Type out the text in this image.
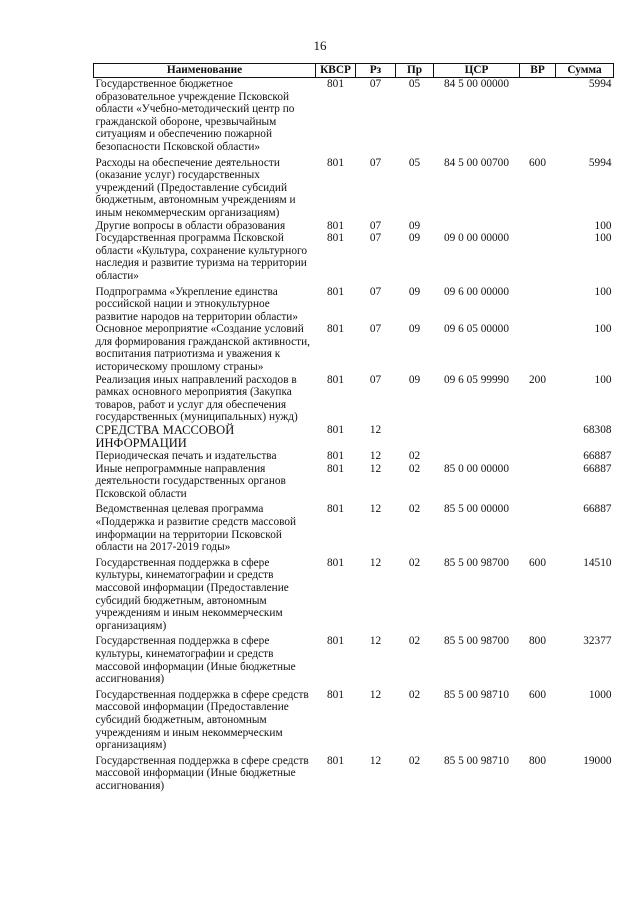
16
Наименование	КВСР	Рз	Пр	ЦСР	ВР	Сумма
Государственное бюджетное образовательное учреждение Псковской области «Учебно-методический центр по гражданской обороне, чрезвычайным ситуациям и обеспечению пожарной безопасности Псковской области»	801	07	05	84 5 00 00000		5994
Расходы на обеспечение деятельности (оказание услуг) государственных учреждений (Предоставление субсидий бюджетным, автономным учреждениям и иным некоммерческим организациям)	801	07	05	84 5 00 00700	600	5994
Другие вопросы в области образования	801	07	09			100
Государственная программа Псковской области «Культура, сохранение культурного наследия и развитие туризма на территории области»	801	07	09	09 0 00 00000		100
Подпрограмма «Укрепление единства российской нации и этнокультурное развитие народов на территории области»	801	07	09	09 6 00 00000		100
Основное мероприятие «Создание условий для формирования гражданской активности, воспитания патриотизма и уважения к историческому прошлому страны»	801	07	09	09 6 05 00000		100
Реализация иных направлений расходов в рамках основного мероприятия (Закупка товаров, работ и услуг для обеспечения государственных (муниципальных) нужд)	801	07	09	09 6 05 99990	200	100
СРЕДСТВА МАССОВОЙ ИНФОРМАЦИИ	801	12				68308
Периодическая печать и издательства	801	12	02			66887
Иные непрограммные направления деятельности государственных органов Псковской области	801	12	02	85 0 00 00000		66887
Ведомственная целевая программа «Поддержка и развитие средств массовой информации на территории Псковской области на 2017-2019 годы»	801	12	02	85 5 00 00000		66887
Государственная поддержка в сфере культуры, кинематографии и средств массовой информации (Предоставление субсидий бюджетным, автономным учреждениям и иным некоммерческим организациям)	801	12	02	85 5 00 98700	600	14510
Государственная поддержка в сфере культуры, кинематографии и средств массовой информации (Иные бюджетные ассигнования)	801	12	02	85 5 00 98700	800	32377
Государственная поддержка в сфере средств массовой информации (Предоставление субсидий бюджетным, автономным учреждениям и иным некоммерческим организациям)	801	12	02	85 5 00 98710	600	1000
Государственная поддержка в сфере средств массовой информации (Иные бюджетные ассигнования)	801	12	02	85 5 00 98710	800	19000
